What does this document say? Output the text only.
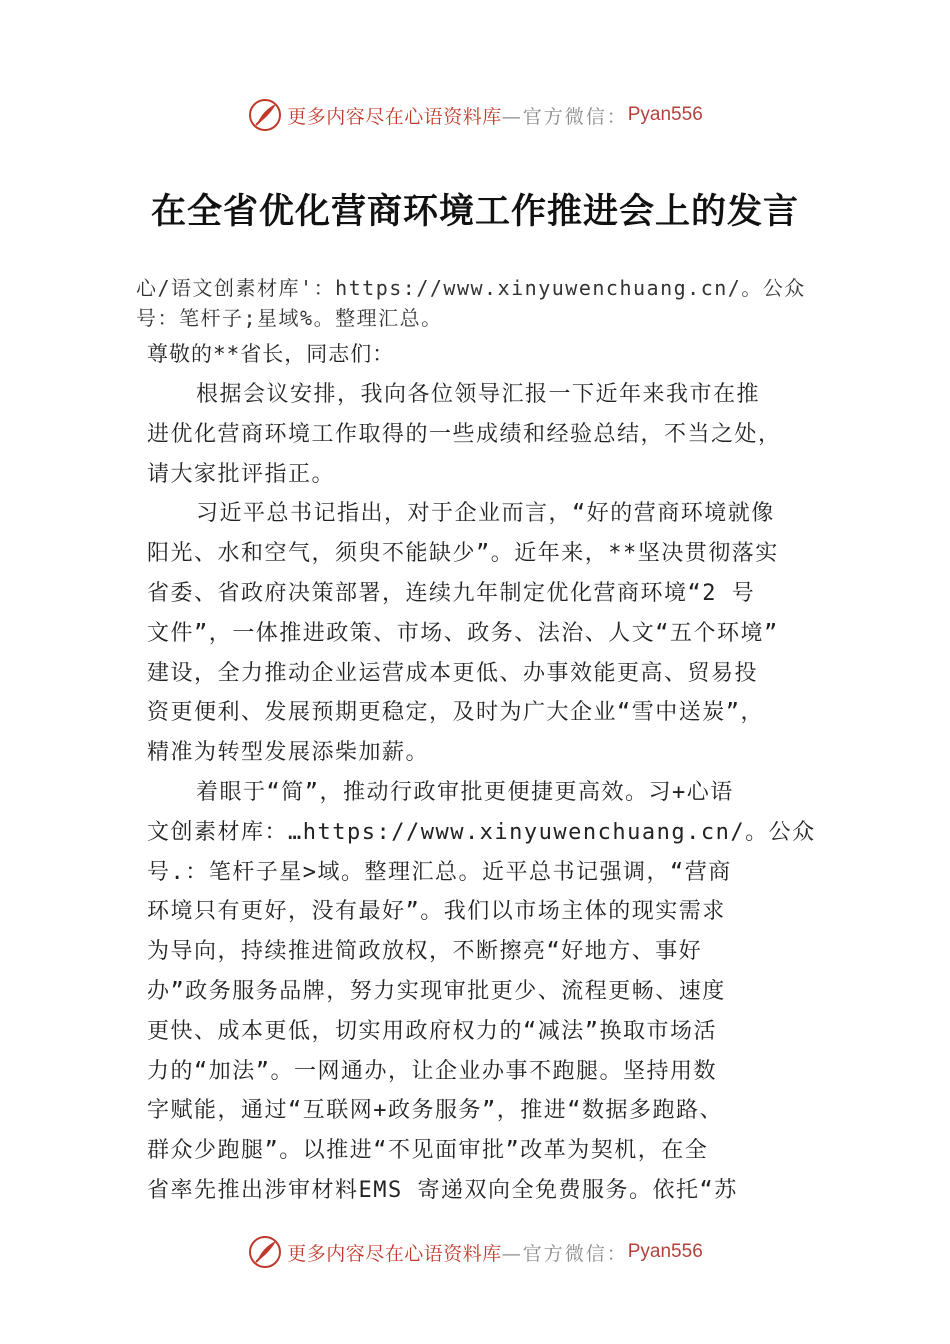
更多内容尽在心语资料库 —官方微信： Pyan556
在全省优化营商环境工作推进会上的发言
心/语文创素材库'：https://www.xinyuwenchuang.cn/。公众
号：笔杆子;星域%。整理汇总。
尊敬的**省长，同志们：
根据会议安排，我向各位领导汇报一下近年来我市在推
进优化营商环境工作取得的一些成绩和经验总结，不当之处，
请大家批评指正。
习近平总书记指出，对于企业而言，“好的营商环境就像
阳光、水和空气，须臾不能缺少”。近年来，**坚决贯彻落实
省委、省政府决策部署，连续九年制定优化营商环境“2 号
文件”，一体推进政策、市场、政务、法治、人文“五个环境”
建设，全力推动企业运营成本更低、办事效能更高、贸易投
资更便利、发展预期更稳定，及时为广大企业“雪中送炭”，
精准为转型发展添柴加薪。
着眼于“简”，推动行政审批更便捷更高效。习+心语
文创素材库：…https://www.xinyuwenchuang.cn/。公众
号.：笔杆子星>域。整理汇总。近平总书记强调，“营商
环境只有更好，没有最好”。我们以市场主体的现实需求
为导向，持续推进简政放权，不断擦亮“好地方、事好
办”政务服务品牌，努力实现审批更少、流程更畅、速度
更快、成本更低，切实用政府权力的“减法”换取市场活
力的“加法”。一网通办，让企业办事不跑腿。坚持用数
字赋能，通过“互联网+政务服务”，推进“数据多跑路、
群众少跑腿”。以推进“不见面审批”改革为契机，在全
省率先推出涉审材料EMS 寄递双向全免费服务。依托“苏
更多内容尽在心语资料库 —官方微信： Pyan556
